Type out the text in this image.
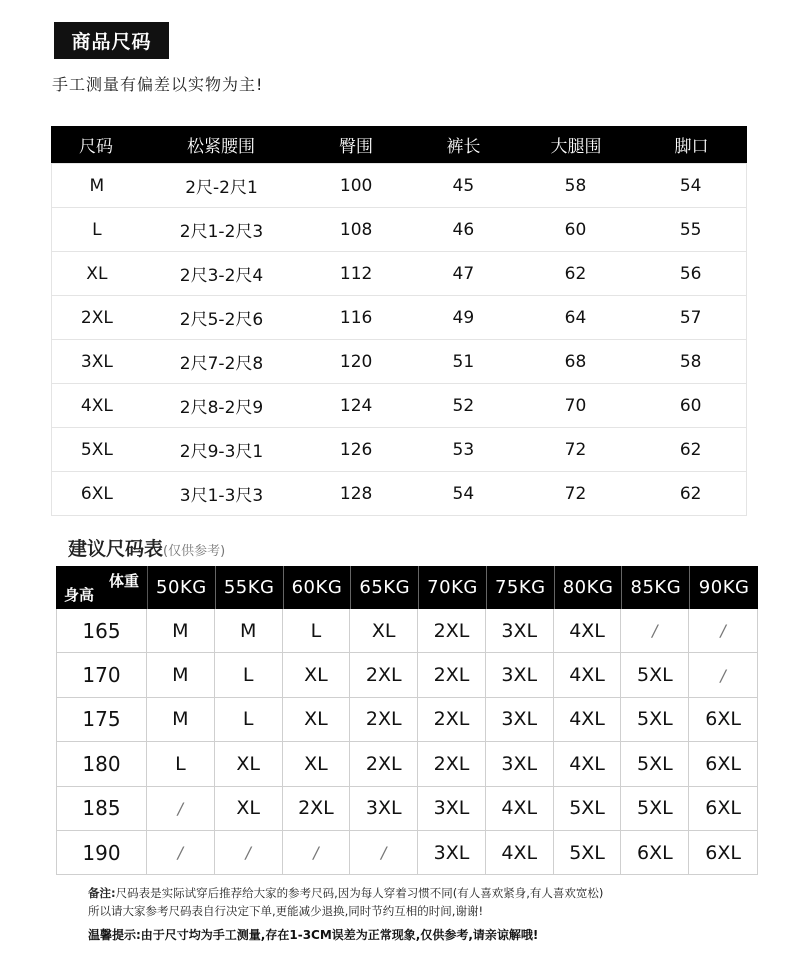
商品尺码
手工测量有偏差以实物为主!
尺码	松紧腰围	臀围	裤长	大腿围	脚口
M	2尺-2尺1	100	45	58	54
L	2尺1-2尺3	108	46	60	55
XL	2尺3-2尺4	112	47	62	56
2XL	2尺5-2尺6	116	49	64	57
3XL	2尺7-2尺8	120	51	68	58
4XL	2尺8-2尺9	124	52	70	60
5XL	2尺9-3尺1	126	53	72	62
6XL	3尺1-3尺3	128	54	72	62
建议尺码表(仅供参考)
体重
身高	50KG 55KG 60KG 65KG 70KG 75KG 80KG 85KG 90KG
165	M	M	L	XL	2XL	3XL	4XL	/	/
170	M	L	XL	2XL	2XL	3XL	4XL	5XL	/
175	M	L	XL	2XL	2XL	3XL	4XL	5XL	6XL
180	L	XL	XL	2XL	2XL	3XL	4XL	5XL	6XL
185	/	XL	2XL	3XL	3XL	4XL	5XL	5XL	6XL
190	/	/	/	/	3XL	4XL	5XL	6XL	6XL
备注:尺码表是实际试穿后推荐给大家的参考尺码,因为每人穿着习惯不同(有人喜欢紧身,有人喜欢宽松)
所以请大家参考尺码表自行决定下单,更能减少退换,同时节约互相的时间,谢谢!
温馨提示:由于尺寸均为手工测量,存在1-3CM误差为正常现象,仅供参考,请亲谅解哦!
